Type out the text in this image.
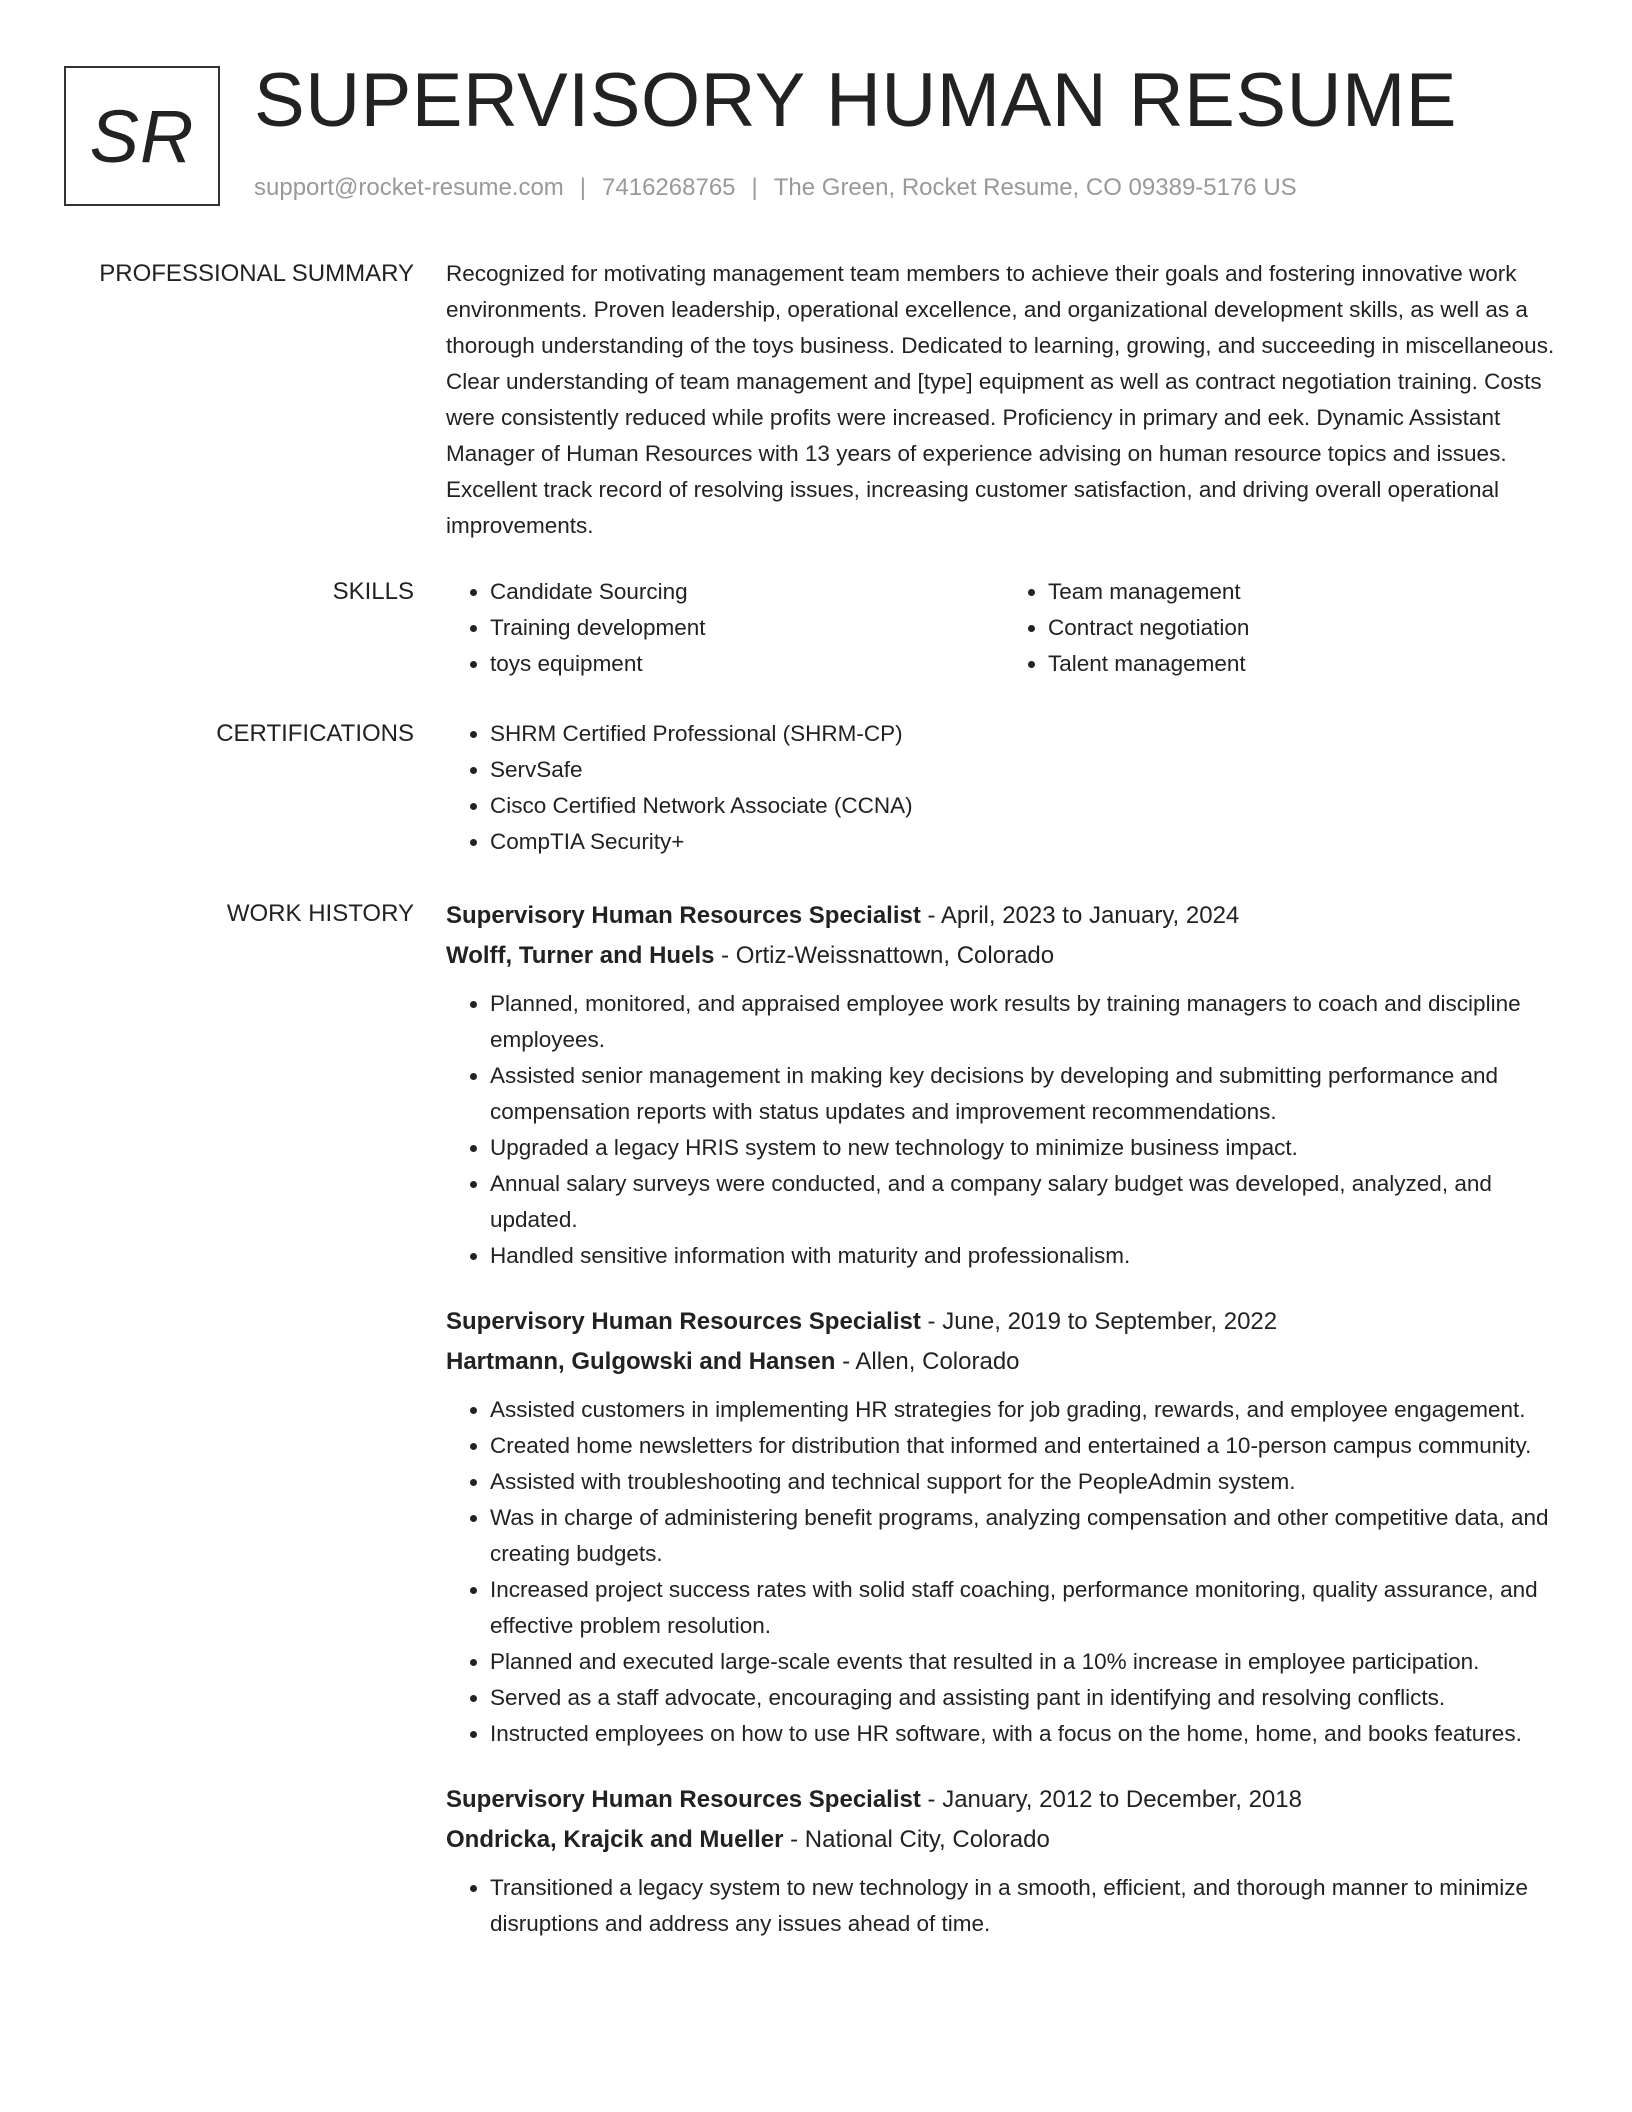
SR SUPERVISORY HUMAN RESUME
support@rocket-resume.com | 7416268765 | The Green, Rocket Resume, CO 09389-5176 US
PROFESSIONAL SUMMARY Recognized for motivating management team members to achieve their goals and fostering innovative work environments. Proven leadership, operational excellence, and organizational development skills, as well as a thorough understanding of the toys business. Dedicated to learning, growing, and succeeding in miscellaneous. Clear understanding of team management and [type] equipment as well as contract negotiation training. Costs were consistently reduced while profits were increased. Proficiency in primary and eek. Dynamic Assistant Manager of Human Resources with 13 years of experience advising on human resource topics and issues. Excellent track record of resolving issues, increasing customer satisfaction, and driving overall operational improvements.
SKILLS	• Candidate Sourcing
• Training development
• toys equipment
• Team management
• Contract negotiation
• Talent management
CERTIFICATIONS	• SHRM Certified Professional (SHRM-CP)
• ServSafe
• Cisco Certified Network Associate (CCNA)
• CompTIA Security+
WORK HISTORY Supervisory Human Resources Specialist - April, 2023 to January, 2024
Wolff, Turner and Huels - Ortiz-Weissnattown, Colorado
• Planned, monitored, and appraised employee work results by training managers to coach and discipline employees.
• Assisted senior management in making key decisions by developing and submitting performance and compensation reports with status updates and improvement recommendations.
• Upgraded a legacy HRIS system to new technology to minimize business impact.
• Annual salary surveys were conducted, and a company salary budget was developed, analyzed, and updated.
• Handled sensitive information with maturity and professionalism.
Supervisory Human Resources Specialist - June, 2019 to September, 2022
Hartmann, Gulgowski and Hansen - Allen, Colorado
• Assisted customers in implementing HR strategies for job grading, rewards, and employee engagement.
• Created home newsletters for distribution that informed and entertained a 10-person campus community.
• Assisted with troubleshooting and technical support for the PeopleAdmin system.
• Was in charge of administering benefit programs, analyzing compensation and other competitive data, and creating budgets.
• Increased project success rates with solid staff coaching, performance monitoring, quality assurance, and effective problem resolution.
• Planned and executed large-scale events that resulted in a 10% increase in employee participation.
• Served as a staff advocate, encouraging and assisting pant in identifying and resolving conflicts.
• Instructed employees on how to use HR software, with a focus on the home, home, and books features.
Supervisory Human Resources Specialist - January, 2012 to December, 2018
Ondricka, Krajcik and Mueller - National City, Colorado
• Transitioned a legacy system to new technology in a smooth, efficient, and thorough manner to minimize disruptions and address any issues ahead of time.
